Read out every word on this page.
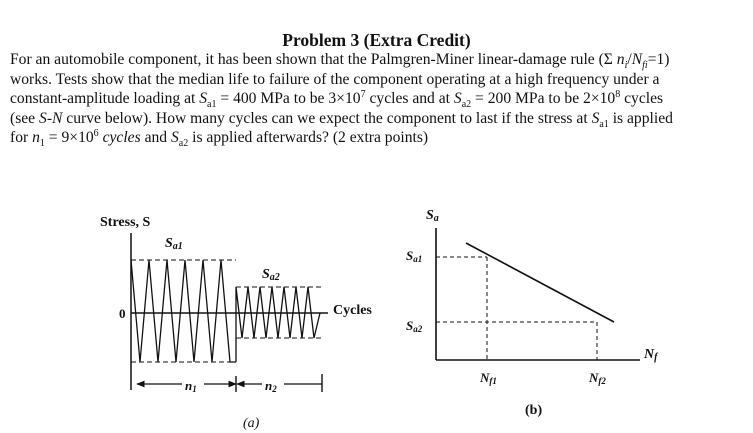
Problem 3 (Extra Credit)
For an automobile component, it has been shown that the Palmgren-Miner linear-damage rule (Σ $n_i/N_{fi}=1$)
works. Tests show that the median life to failure of the component operating at a high frequency under a
constant-amplitude loading at $S_{a1} = 400$ MPa to be $3\times 10^7$ cycles and at $S_{a2} = 200$ MPa to be $2\times 10^8$ cycles
(see S-N curve below). How many cycles can we expect the component to last if the stress at $S_{a1}$ is applied
for $n_1 = 9\times 10^6$ cycles and $S_{a2}$ is applied afterwards? (2 extra points)
Stress, S
0	Cycles
Sa1
Sa2
n1	n2
(a)
Sa
Nf
Sa1
Sa2
Nf1	Nf2
(b)
